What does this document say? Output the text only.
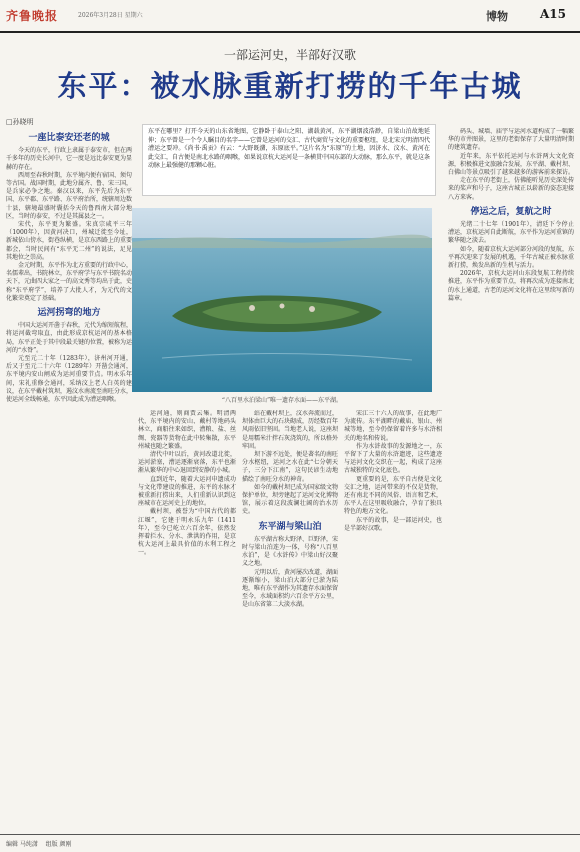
齐鲁晚报	2026年3月28日 星期六	博物	A15
一部运河史，半部好汉歌
东平：被水脉重新打捞的千年古城
□孙晓明
东平在哪里？打开今天的山东省地图，它静卧于泰山之阳、湖载黄河，东平湖烟波浩渺，自梁山泊故地延伸；东平曾是一个令人瞩目的名字——它曾是运河的交汇、古代商贸与文化的重要枢纽，是北宋元明清四代漕运之要冲。《尚书·禹贡》有云：“大野既潴，东原底平。”这片名为“东原”的土地，因济水、汶水、黄河在此交汇，自古便是南北水路的咽喉，如果说京杭大运河是一条横贯中国东部的大动脉，那么东平，就是这条动脉上最强健的那颗心脏。
“八百里水泊梁山”唯一遗存水面——东平湖。
一座比泰安还老的城

今天的东平，行政上隶属于泰安市，但在两千多年的历史长河中，它一度是远比泰安更为显赫的存在。

西周至春秋时期，东平境内便有宿国、须句等古国。战国时期，此地分属齐、鲁、宋三国，是兵家必争之地。秦汉以来，东平先后为东平国、东平郡、东平路、东平府治所，统辖周边数十县，辖境最盛时囊括今天的鲁西南大部分地区，当时的泰安，不过是其属县之一。

宋代，东平更为繁盛。宋真宗咸平三年（1000年），因黄河决口，州城迁徙至今址，新城依山傍水，街巷纵横，是京东西路上的重要都会，当时民间有“东平无二州”的说法，足见其地位之崇高。

金元时期，东平作为北方重要的行政中心，名儒辈出，书院林立，东平府学与东平书院名动天下，元曲四大家之一的高文秀等均出于此，史称“东平府学”，培养了大批人才，为元代的文化繁荣奠定了基础。

运河拐弯的地方

中国大运河开凿于春秋，元代为缩短航程，将运河截弯取直，由此形成京杭运河的基本格局，东平正处于其中段最关键的位置，被称为运河的“水脊”。

元至元二十年（1283年），济州河开通，后又于至元二十六年（1289年）开凿会通河，东平境内安山闸成为运河重要节点。明永乐年间，宋礼重修会通河，采纳汶上老人白英的建议，在东平戴村筑坝，遏汶水南流至南旺分水，使运河全线畅通，东平因此成为漕运咽喉。

运河通，则商贾云集。明清两代，东平境内的安山、戴村等地码头林立，商船往来如织，漕粮、盐、丝绸、瓷器等货物在此中转集散，东平州城也随之繁盛。

清代中叶以后，黄河改道北徙，运河淤塞，漕运逐渐衰落，东平也渐渐从繁华的中心退回到安静的小城。

直到近年，随着大运河申遗成功与文化带建设的推进，东平的水脉才被重新打捞出来，人们重新认识到这座城市在运河史上的地位。

戴村坝，被誉为“中国古代的都江堰”，它建于明永乐九年（1411年），至今已屹立六百余年，依然发挥着拦水、分水、泄洪的作用，是京杭大运河上最具价值的水利工程之一。

站在戴村坝上，汶水奔流而过，坝体由巨大的石块砌成，历经数百年风雨依旧坚固。当地老人说，这座坝是用糯米汁拌石灰浇筑的，所以格外牢固。

坝下游不远处，便是著名的南旺分水枢纽，运河之水在此“七分朝天子，三分下江南”，这句民谚生动地描绘了南旺分水的神奇。

如今的戴村坝已成为国家级文物保护单位，坝旁建起了运河文化博物馆，展示着这段波澜壮阔的治水历史。

东平湖与梁山泊

东平湖古称大野泽、巨野泽，宋时与梁山泊连为一体，号称“八百里水泊”，是《水浒传》中梁山好汉聚义之地。

元明以后，黄河屡次改道，湖面逐渐缩小，梁山泊大部分已淤为陆地，唯有东平湖作为其遗存水面保留至今，水域面积约六百余平方公里，是山东省第二大淡水湖。

宋江三十六人的故事，在此地广为流传。东平湖畔的戴庙、银山、州城等地，至今仍保留着许多与水浒相关的地名和传说。

作为水浒故事的发源地之一，东平留下了大量的水浒遗迹，这些遗迹与运河文化交织在一起，构成了这座古城独特的文化底色。

更重要的是，东平自古便是文化交汇之地，运河带来的不仅是货物，还有南北不同的风俗、语言和艺术，东平人在这里吸收融合，孕育了独具特色的地方文化。

东平的故事，是一部运河史，也是半部好汉歌。

码头、城墙、庙宇与运河水道构成了一幅繁华的市井图景，这里的老街保存了大量明清时期的建筑遗存。

近年来，东平依托运河与水浒两大文化资源，积极推进文旅融合发展，东平湖、戴村坝、白佛山等景点吸引了越来越多的游客前来探访。

走在东平的老街上，仿佛能听见历史深处传来的桨声和号子，这座古城正以崭新的姿态迎接八方来客。

停运之后，复航之时

光绪二十七年（1901年），清廷下令停止漕运，京杭运河自此断航，东平作为运河重镇的繁华随之淡去。

如今，随着京杭大运河部分河段的复航，东平再次迎来了发展的机遇，千年古城正被水脉重新打捞，焕发出新的生机与活力。

2026年，京杭大运河山东段复航工程持续推进，东平作为重要节点，将再次成为连接南北的水上通道，古老的运河文化将在这里续写新的篇章。

编辑 马纯潇 组版 颜刚
